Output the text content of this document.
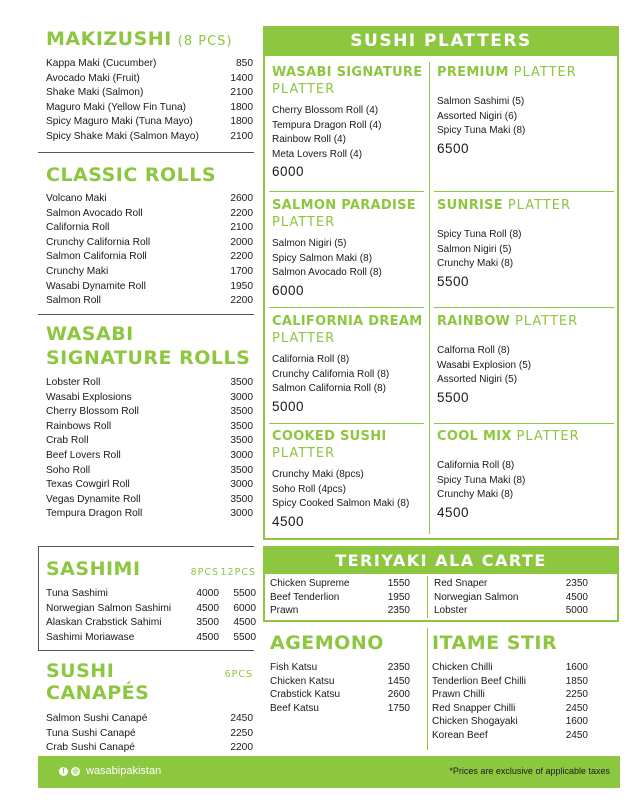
MAKIZUSHI (8 PCS)
Kappa Maki (Cucumber)	850
Avocado Maki (Fruit)	1400
Shake Maki (Salmon)	2100
Maguro Maki (Yellow Fin Tuna)	1800
Spicy Maguro Maki (Tuna Mayo)	1800
Spicy Shake Maki (Salmon Mayo)	2100
CLASSIC ROLLS
Volcano Maki	2600
Salmon Avocado Roll	2200
California Roll	2100
Crunchy California Roll	2000
Salmon California Roll	2200
Crunchy Maki	1700
Wasabi Dynamite Roll	1950
Salmon Roll	2200
WASABI
SIGNATURE ROLLS
Lobster Roll	3500
Wasabi Explosions	3000
Cherry Blossom Roll	3500
Rainbows Roll	3500
Crab Roll	3500
Beef Lovers Roll	3000
Soho Roll	3500
Texas Cowgirl Roll	3000
Vegas Dynamite Roll	3500
Tempura Dragon Roll	3000
SASHIMI	8PCS 12PCS
Tuna Sashimi	4000	5500
Norwegian Salmon Sashimi	4500	6000
Alaskan Crabstick Sahimi	3500	4500
Sashimi Moriawase	4500	5500
SUSHI CANAPÉS
6PCS
Salmon Sushi Canapé	2450
Tuna Sushi Canapé	2250
Crab Sushi Canapé	2200
SUSHI PLATTERS
WASABI SIGNATURE
PLATTER
Cherry Blossom Roll (4)
Tempura Dragon Roll (4)
Rainbow Roll (4)
Meta Lovers Roll (4)
6000
PREMIUM PLATTER
Salmon Sashimi (5)
Assorted Nigiri (6)
Spicy Tuna Maki (8)
6500
SALMON PARADISE
PLATTER
Salmon Nigiri (5)
Spicy Salmon Maki (8)
Salmon Avocado Roll (8)
6000
SUNRISE PLATTER
Spicy Tuna Roll (8)
Salmon Nigiri (5)
Crunchy Maki (8)
5500
CALIFORNIA DREAM
PLATTER
California Roll (8)
Crunchy California Roll (8)
Salmon California Roll (8)
5000
RAINBOW PLATTER
Calforna Roll (8)
Wasabi Explosion (5)
Assorted Nigiri (5)
5500
COOKED SUSHI
PLATTER
Crunchy Maki (8pcs)
Soho Roll (4pcs)
Spicy Cooked Salmon Maki (8)
4500
COOL MIX PLATTER
California Roll (8)
Spicy Tuna Maki (8)
Crunchy Maki (8)
4500
TERIYAKI ALA CARTE
Chicken Supreme	1550
Beef Tenderlion	1950
Prawn	2350
Red Snaper	2350
Norwegian Salmon	4500
Lobster	5000
AGEMONO
Fish Katsu	2350
Chicken Katsu	1450
Crabstick Katsu	2600
Beef Katsu	1750
ITAME STIR
Chicken Chilli	1600
Tenderlion Beef Chilli	1850
Prawn Chilli	2250
Red Snapper Chilli	2450
Chicken Shogayaki	1600
Korean Beef	2450
f	◎ wasabipakistan	*Prices are exclusive of applicable taxes
